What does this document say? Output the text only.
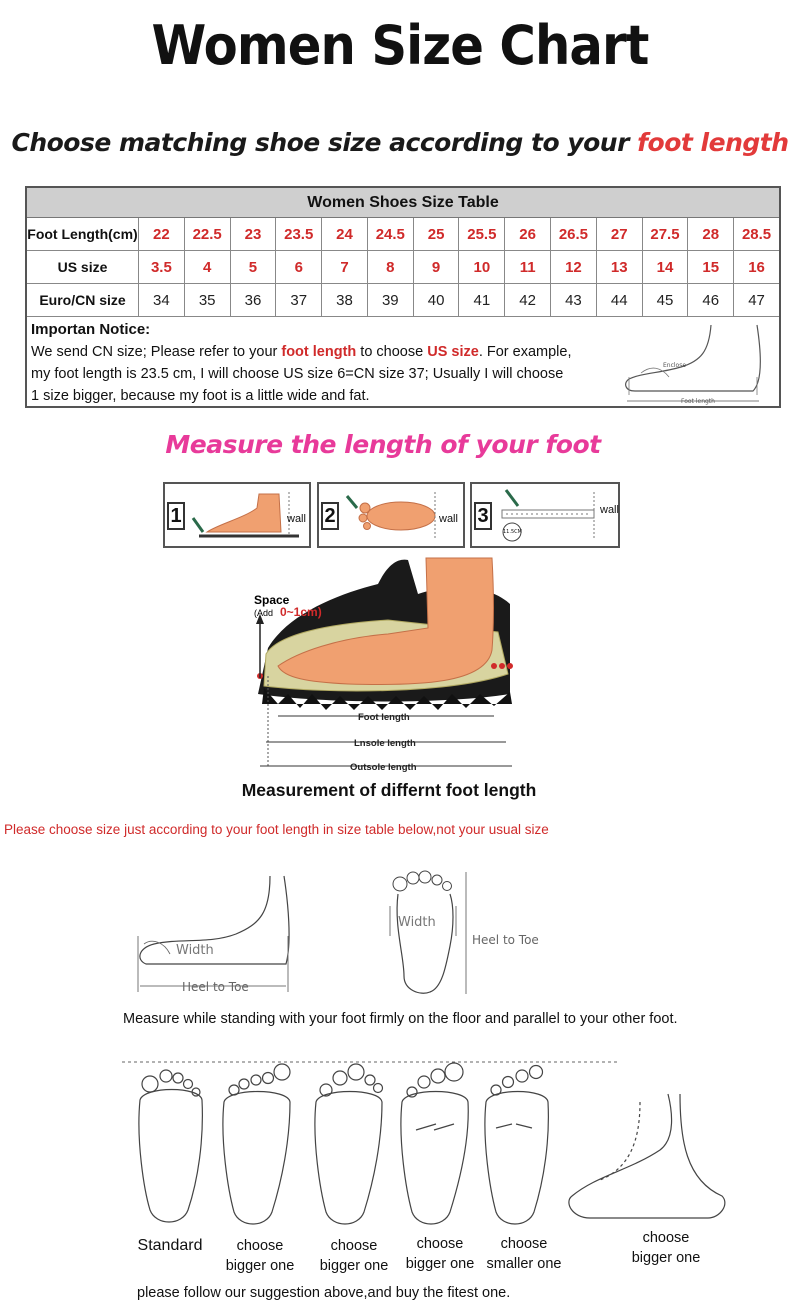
Women Size Chart
Choose matching shoe size according to your foot length
Women Shoes Size Table
Foot Length(cm)	22	22.5	23	23.5	24	24.5	25	25.5	26	26.5	27	27.5	28	28.5
US size	3.5	4	5	6	7	8	9	10	11	12	13	14	15	16
Euro/CN size	34	35	36	37	38	39	40	41	42	43	44	45	46	47
Importan Notice:
We send CN size; Please refer to your foot length to choose US size. For example,
my foot length is 23.5 cm, I will choose US size 6=CN size 37; Usually I will choose
1 size bigger, because my foot is a little wide and fat.
Enclose
Foot length
Measure the length of your foot
1	wall 2	wall 3
11.5CM
wall
Space
(Add 0~1cm)
Foot length
Lnsole length
Outsole length
Measurement of differnt foot length
Please choose size just according to your foot length in size table below,not your usual size
Width
Heel to Toe
Width
Heel to Toe
Measure while standing with your foot firmly on the floor and parallel to your other foot.
Standard	choose
bigger one
choose
bigger one
choose
bigger one
choose
smaller one
choose
bigger one
please follow our suggestion above,and buy the fitest one.
